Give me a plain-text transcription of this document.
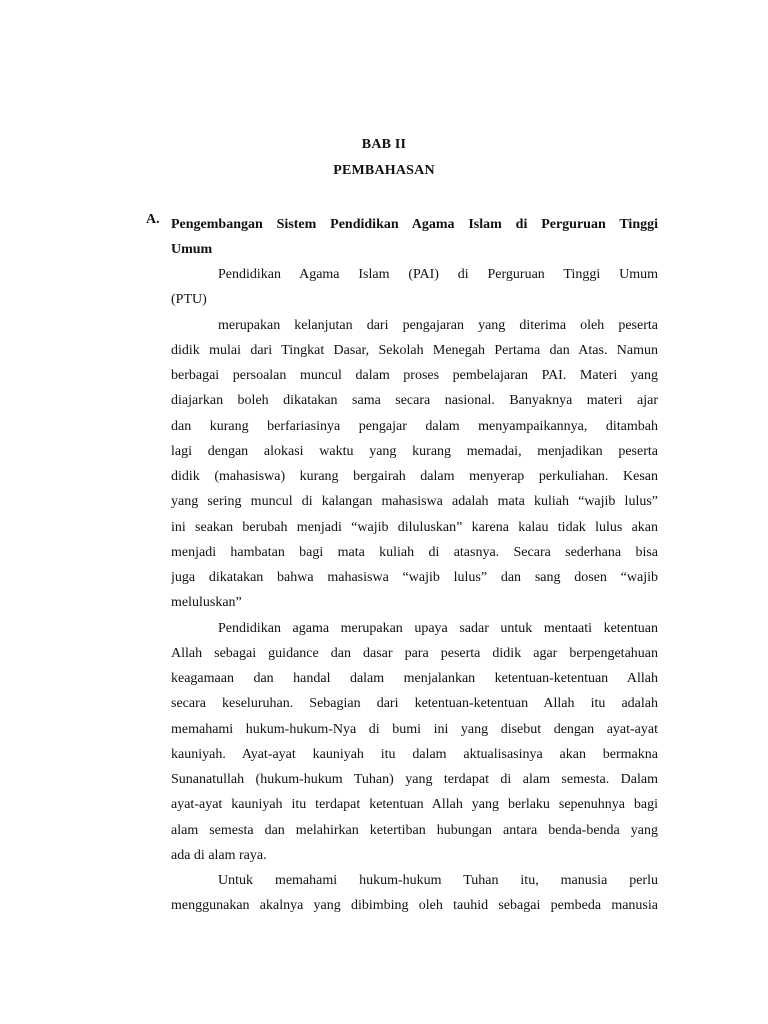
BAB II
PEMBAHASAN
A. Pengembangan Sistem Pendidikan Agama Islam di Perguruan Tinggi
Umum
Pendidikan Agama Islam (PAI) di Perguruan Tinggi Umum
(PTU)
merupakan kelanjutan dari pengajaran yang diterima oleh peserta
didik mulai dari Tingkat Dasar, Sekolah Menegah Pertama dan Atas. Namun
berbagai persoalan muncul dalam proses pembelajaran PAI. Materi yang
diajarkan boleh dikatakan sama secara nasional. Banyaknya materi ajar
dan kurang berfariasinya pengajar dalam menyampaikannya, ditambah
lagi dengan alokasi waktu yang kurang memadai, menjadikan peserta
didik (mahasiswa) kurang bergairah dalam menyerap perkuliahan. Kesan
yang sering muncul di kalangan mahasiswa adalah mata kuliah “wajib lulus”
ini seakan berubah menjadi “wajib diluluskan” karena kalau tidak lulus akan
menjadi hambatan bagi mata kuliah di atasnya. Secara sederhana bisa
juga dikatakan bahwa mahasiswa “wajib lulus” dan sang dosen “wajib
meluluskan”
Pendidikan agama merupakan upaya sadar untuk mentaati ketentuan
Allah sebagai guidance dan dasar para peserta didik agar berpengetahuan
keagamaan dan handal dalam menjalankan ketentuan-ketentuan Allah
secara keseluruhan. Sebagian dari ketentuan-ketentuan Allah itu adalah
memahami hukum-hukum-Nya di bumi ini yang disebut dengan ayat-ayat
kauniyah. Ayat-ayat kauniyah itu dalam aktualisasinya akan bermakna
Sunanatullah (hukum-hukum Tuhan) yang terdapat di alam semesta. Dalam
ayat-ayat kauniyah itu terdapat ketentuan Allah yang berlaku sepenuhnya bagi
alam semesta dan melahirkan ketertiban hubungan antara benda-benda yang
ada di alam raya.
Untuk memahami hukum-hukum Tuhan itu, manusia perlu
menggunakan akalnya yang dibimbing oleh tauhid sebagai pembeda manusia
